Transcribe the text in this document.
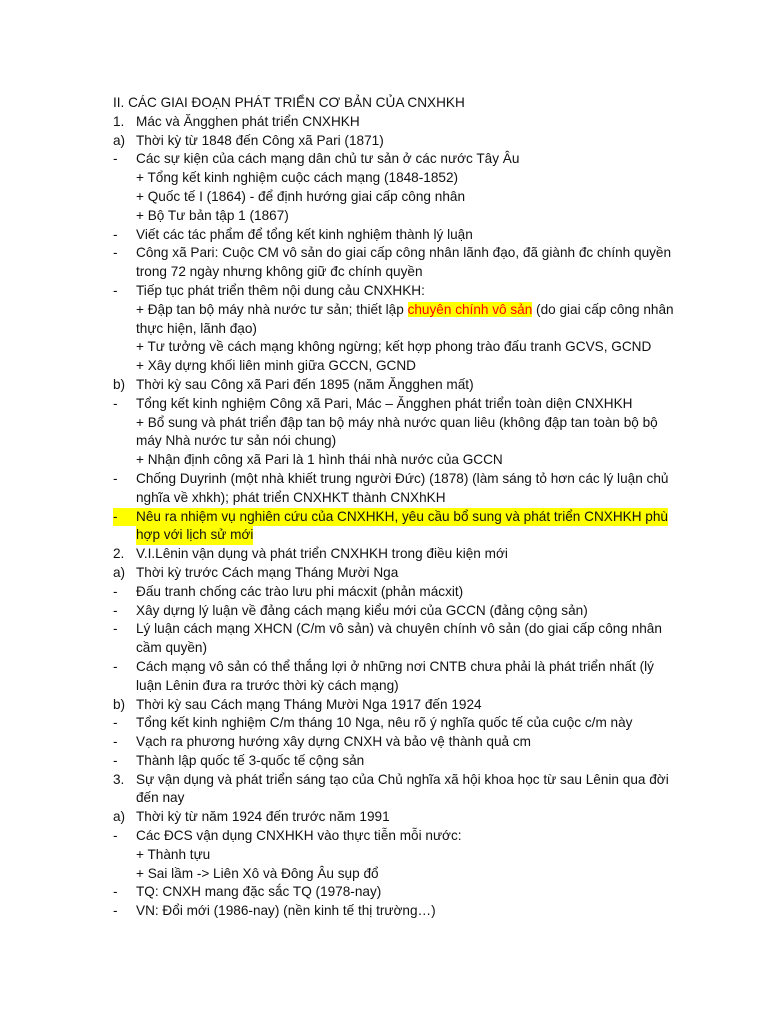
II. CÁC GIAI ĐOẠN PHÁT TRIỂN CƠ BẢN CỦA CNXHKH
1. Mác và Ăngghen phát triển CNXHKH
a) Thời kỳ từ 1848 đến Công xã Pari (1871)
- Các sự kiện của cách mạng dân chủ tư sản ở các nước Tây Âu
+ Tổng kết kinh nghiệm cuộc cách mạng (1848-1852)
+ Quốc tế I (1864) - để định hướng giai cấp công nhân
+ Bộ Tư bản tập 1 (1867)
- Viết các tác phẩm để tổng kết kinh nghiệm thành lý luận
- Công xã Pari: Cuộc CM vô sản do giai cấp công nhân lãnh đạo, đã giành đc chính quyền
trong 72 ngày nhưng không giữ đc chính quyền
- Tiếp tục phát triển thêm nội dung cảu CNXHKH:
+ Đập tan bộ máy nhà nước tư sản; thiết lập chuyên chính vô sản (do giai cấp công nhân
thực hiện, lãnh đạo)
+ Tư tưởng về cách mạng không ngừng; kết hợp phong trào đấu tranh GCVS, GCND
+ Xây dựng khối liên minh giữa GCCN, GCND
b) Thời kỳ sau Công xã Pari đến 1895 (năm Ăngghen mất)
- Tổng kết kinh nghiệm Công xã Pari, Mác – Ăngghen phát triển toàn diện CNXHKH
+ Bổ sung và phát triển đập tan bộ máy nhà nước quan liêu (không đập tan toàn bộ bộ
máy Nhà nước tư sản nói chung)
+ Nhận định công xã Pari là 1 hình thái nhà nước của GCCN
- Chống Duyrinh (một nhà khiết trung người Đức) (1878) (làm sáng tỏ hơn các lý luận chủ
nghĩa về xhkh); phát triển CNXHKT thành CNXhKH
-	Nêu ra nhiệm vụ nghiên cứu của CNXHKH, yêu cầu bổ sung và phát triển CNXHKH phù
hợp với lịch sử mới
2. V.I.Lênin vận dụng và phát triển CNXHKH trong điều kiện mới
a) Thời kỳ trước Cách mạng Tháng Mười Nga
- Đấu tranh chống các trào lưu phi mácxit (phản mácxit)
- Xây dựng lý luận về đảng cách mạng kiểu mới của GCCN (đảng cộng sản)
- Lý luận cách mạng XHCN (C/m vô sản) và chuyên chính vô sản (do giai cấp công nhân
cầm quyền)
- Cách mạng vô sản có thể thắng lợi ở những nơi CNTB chưa phải là phát triển nhất (lý
luận Lênin đưa ra trước thời kỳ cách mạng)
b) Thời kỳ sau Cách mạng Tháng Mười Nga 1917 đến 1924
- Tổng kết kinh nghiệm C/m tháng 10 Nga, nêu rõ ý nghĩa quốc tế của cuộc c/m này
- Vạch ra phương hướng xây dựng CNXH và bảo vệ thành quả cm
- Thành lập quốc tế 3-quốc tế cộng sản
3. Sự vận dụng và phát triển sáng tạo của Chủ nghĩa xã hội khoa học từ sau Lênin qua đời
đến nay
a) Thời kỳ từ năm 1924 đến trước năm 1991
- Các ĐCS vận dụng CNXHKH vào thực tiễn mỗi nước:
+ Thành tựu
+ Sai lầm -> Liên Xô và Đông Âu sụp đổ
- TQ: CNXH mang đặc sắc TQ (1978-nay)
- VN: Đổi mới (1986-nay) (nền kinh tế thị trường…)
